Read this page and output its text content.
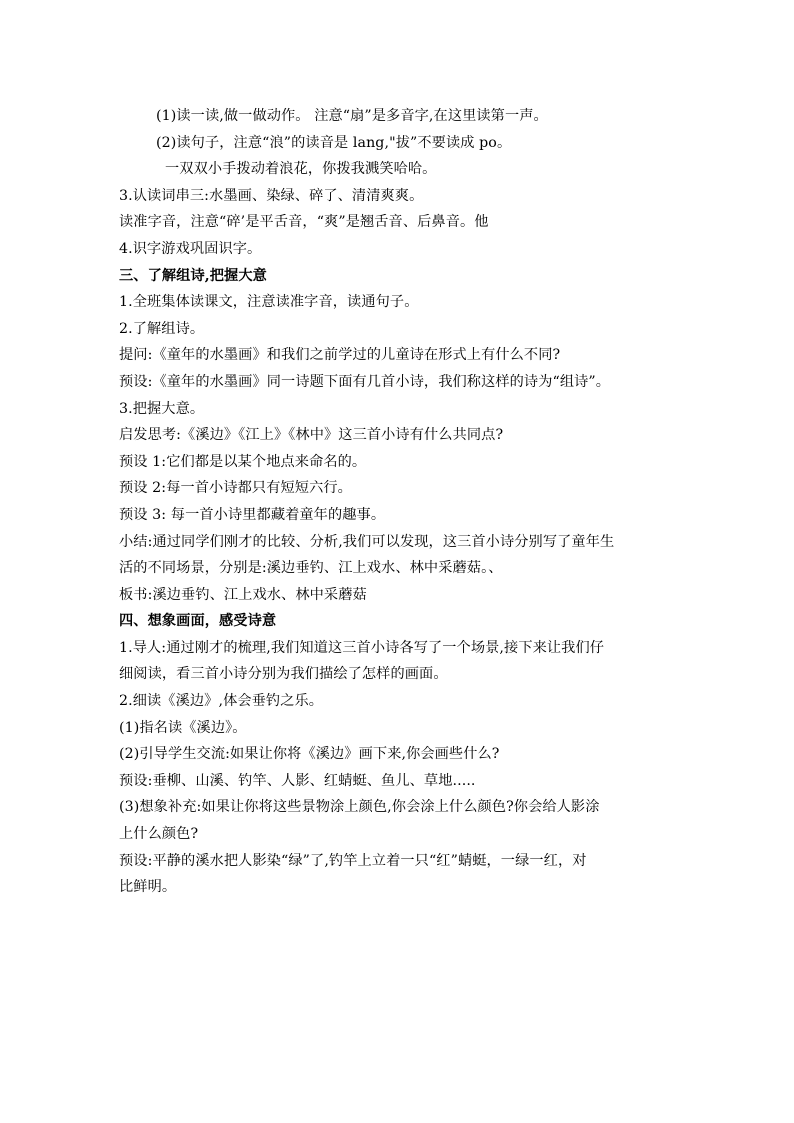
(1)读一读,做一做动作。 注意“扇”是多音字,在这里读第一声。
(2)读句子，注意“浪”的读音是 lang,"拔”不要读成 po。
一双双小手拨动着浪花，你拨我溅笑哈哈。
3.认读词串三:水墨画、染绿、碎了、清清爽爽。
读准字音，注意“碎’是平舌音，“爽”是翘舌音、后鼻音。他
4.识字游戏巩固识字。
三、了解组诗,把握大意
1.全班集体读课文，注意读准字音，读通句子。
2.了解组诗。
提问:《童年的水墨画》和我们之前学过的儿童诗在形式上有什么不同?
预设:《童年的水墨画》同一诗题下面有几首小诗，我们称这样的诗为“组诗”。
3.把握大意。
启发思考:《溪边》《江上》《林中》这三首小诗有什么共同点?
预设 1:它们都是以某个地点来命名的。
预设 2:每一首小诗都只有短短六行。
预设 3: 每一首小诗里都藏着童年的趣事。
小结:通过同学们刚才的比较、分析,我们可以发现，这三首小诗分别写了童年生
活的不同场景，分别是:溪边垂钓、江上戏水、林中采蘑菇。、
板书:溪边垂钓、江上戏水、林中采蘑菇
四、想象画面，感受诗意
1.导人:通过刚才的梳理,我们知道这三首小诗各写了一个场景,接下来让我们仔
细阅读，看三首小诗分别为我们描绘了怎样的画面。
2.细读《溪边》,体会垂钓之乐。
(1)指名读《溪边》。
(2)引导学生交流:如果让你将《溪边》画下来,你会画些什么?
预设:垂柳、山溪、钓竿、人影、红蜻蜓、鱼儿、草地.....
(3)想象补充:如果让你将这些景物涂上颜色,你会涂上什么颜色?你会给人影涂
上什么颜色?
预设:平静的溪水把人影染“绿”了,钓竿上立着一只“红”蜻蜓，一绿一红，对
比鲜明。
